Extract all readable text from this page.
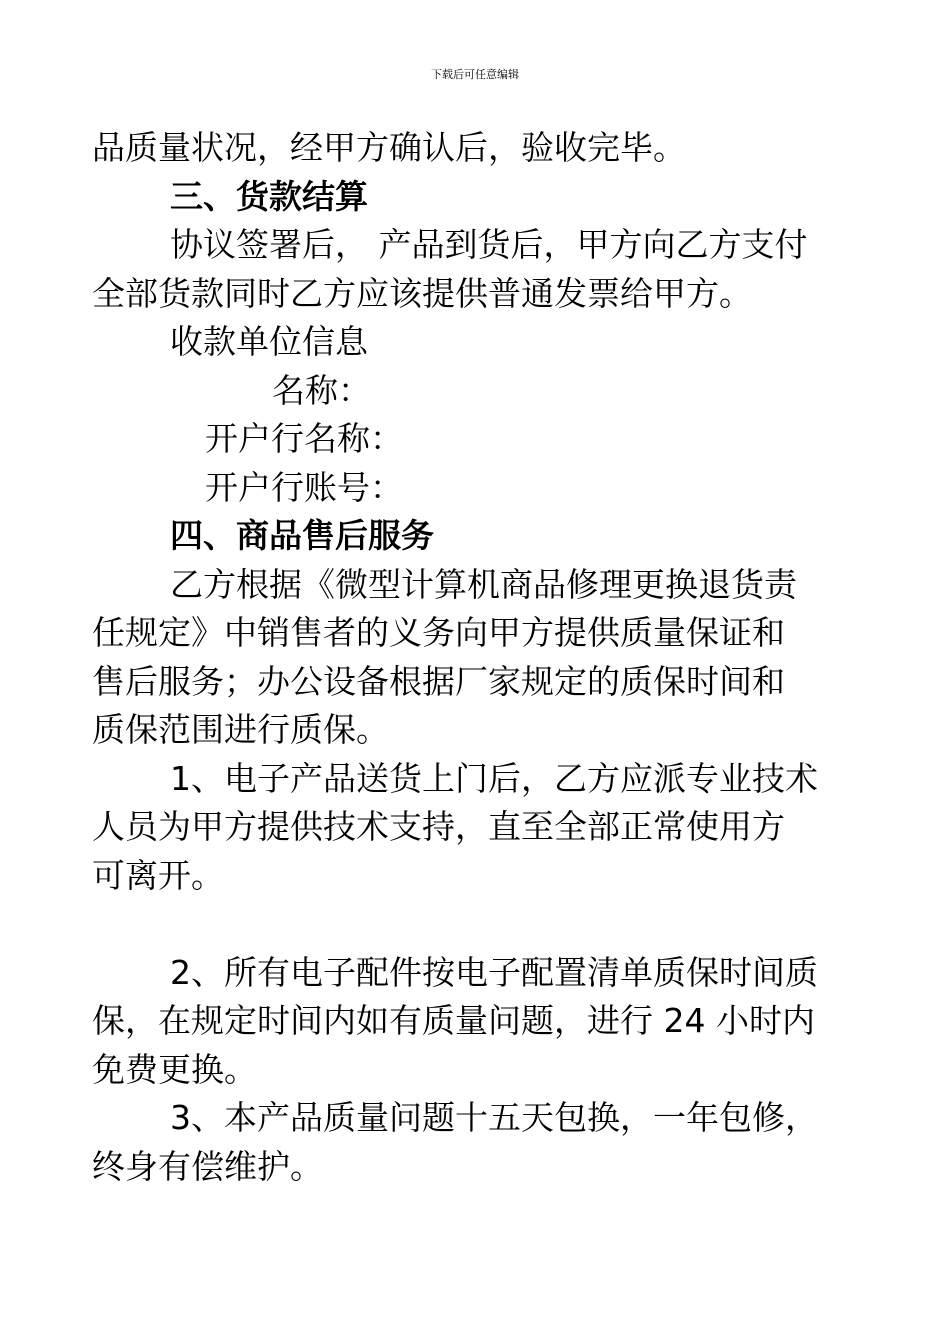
下载后可任意编辑
品质量状况，经甲方确认后，验收完毕。
三、货款结算
协议签署后， 产品到货后，甲方向乙方支付
全部货款同时乙方应该提供普通发票给甲方。
收款单位信息
名称：
开户行名称：
开户行账号：
四、商品售后服务
乙方根据《微型计算机商品修理更换退货责
任规定》中销售者的义务向甲方提供质量保证和
售后服务；办公设备根据厂家规定的质保时间和
质保范围进行质保。
1、电子产品送货上门后，乙方应派专业技术
人员为甲方提供技术支持，直至全部正常使用方
可离开。
2、所有电子配件按电子配置清单质保时间质
保，在规定时间内如有质量问题，进行 24 小时内
免费更换。
3、本产品质量问题十五天包换，一年包修，
终身有偿维护。
